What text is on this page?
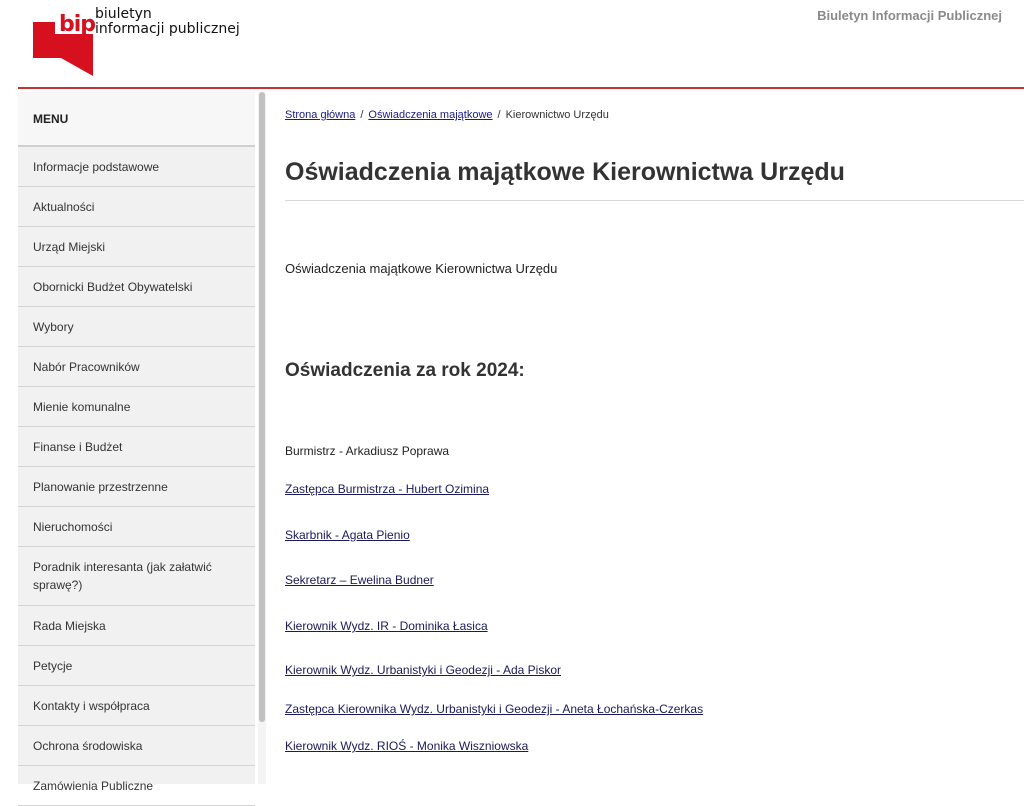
bip biuletyn
informacji publicznej
Biuletyn Informacji Publicznej
MENU
Informacje podstawowe
Aktualności
Urząd Miejski
Obornicki Budżet Obywatelski
Wybory
Nabór Pracowników
Mienie komunalne
Finanse i Budżet
Planowanie przestrzenne
Nieruchomości
Poradnik interesanta (jak załatwić sprawę?)
Rada Miejska
Petycje
Kontakty i współpraca
Ochrona środowiska
Zamówienia Publiczne
Strona główna / Oświadczenia majątkowe / Kierownictwo Urzędu
Oświadczenia majątkowe Kierownictwa Urzędu
Oświadczenia majątkowe Kierownictwa Urzędu
Oświadczenia za rok 2024:
Burmistrz - Arkadiusz Poprawa
Zastępca Burmistrza - Hubert Ozimina
Skarbnik - Agata Pienio
Sekretarz – Ewelina Budner
Kierownik Wydz. IR - Dominika Łasica
Kierownik Wydz. Urbanistyki i Geodezji - Ada Piskor
Zastępca Kierownika Wydz. Urbanistyki i Geodezji - Aneta Łochańska-Czerkas
Kierownik Wydz. RIOŚ - Monika Wiszniowska
